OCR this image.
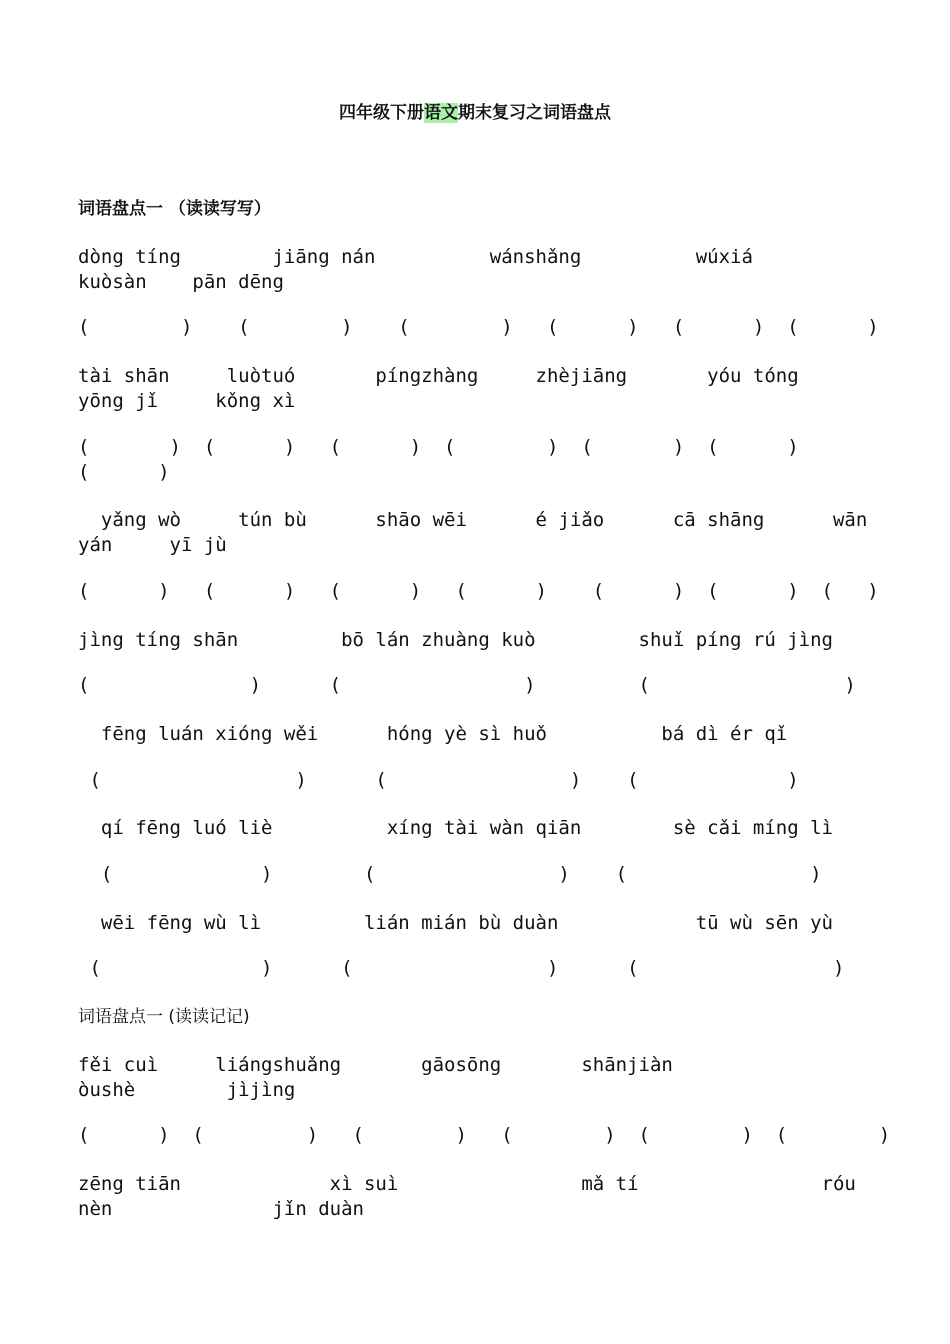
四年级下册语文期末复习之词语盘点
词语盘点一 （读读写写）
dòng tíng        jiāng nán          wánshǎng          wúxiá
kuòsàn    pān dēng
(        )    (        )    (        )   (      )   (      )  (      )
tài shān     luòtuó       píngzhàng     zhèjiāng       yóu tóng
yōng jǐ     kǒng xì
(       )  (      )   (      )  (        )  (       )  (      )
(      )
yǎng wò     tún bù      shāo wēi      é jiǎo      cā shāng      wān
yán     yī jù
(      )   (      )   (      )   (      )    (      )  (      )  (   )
jìng tíng shān         bō lán zhuàng kuò         shuǐ píng rú jìng
(              )      (                )         (                 )
fēng luán xióng wěi      hóng yè sì huǒ          bá dì ér qǐ
(                 )      (                )    (             )
qí fēng luó liè          xíng tài wàn qiān        sè cǎi míng lì
(             )        (                )    (                )
wēi fēng wù lì         lián mián bù duàn            tū wù sēn yù
(              )      (                 )      (                 )
词语盘点一 (读读记记)
fěi cuì     liángshuǎng       gāosōng       shānjiàn
òushè        jìjìng
(      )  (         )   (        )   (        )  (        )  (        )
zēng tiān             xì suì                mǎ tí                róu
nèn              jǐn duàn
